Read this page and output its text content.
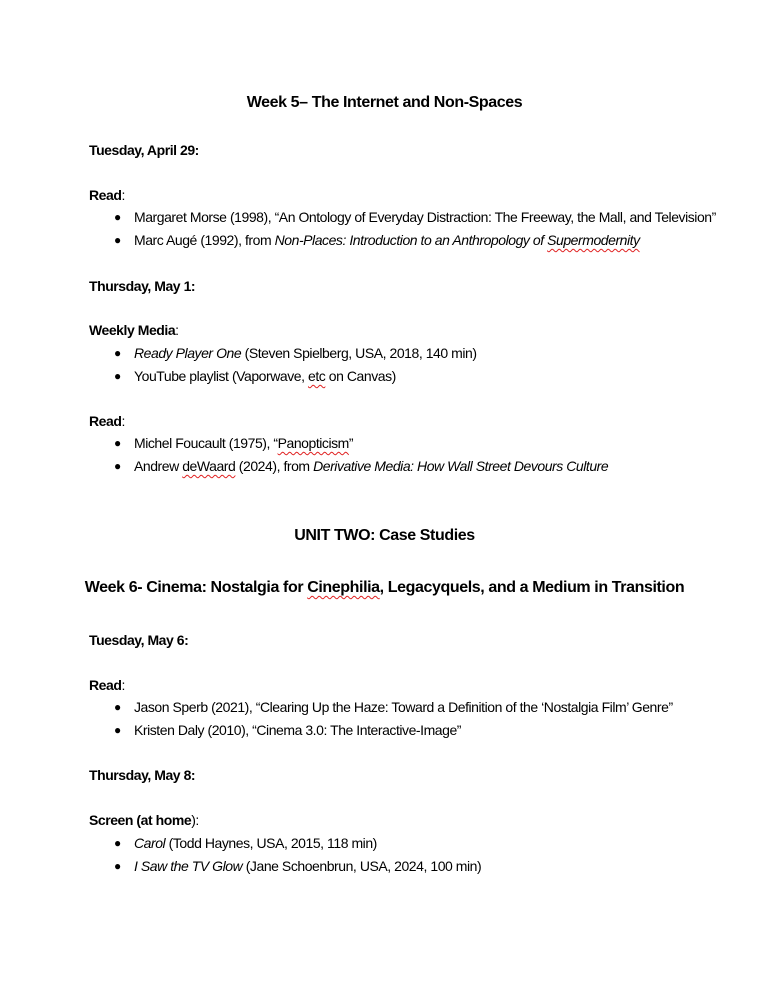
Week 5– The Internet and Non-Spaces
Tuesday, April 29:
Read:
● Margaret Morse (1998), “An Ontology of Everyday Distraction: The Freeway, the Mall, and Television”
● Marc Augé (1992), from Non-Places: Introduction to an Anthropology of Supermodernity
Thursday, May 1:
Weekly Media:
● Ready Player One (Steven Spielberg, USA, 2018, 140 min)
● YouTube playlist (Vaporwave, etc on Canvas)
Read:
● Michel Foucault (1975), “Panopticism”
● Andrew deWaard (2024), from Derivative Media: How Wall Street Devours Culture
UNIT TWO: Case Studies
Week 6- Cinema: Nostalgia for Cinephilia, Legacyquels, and a Medium in Transition
Tuesday, May 6:
Read:
● Jason Sperb (2021), “Clearing Up the Haze: Toward a Definition of the ‘Nostalgia Film’ Genre”
● Kristen Daly (2010), “Cinema 3.0: The Interactive-Image”
Thursday, May 8:
Screen (at home):
● Carol (Todd Haynes, USA, 2015, 118 min)
● I Saw the TV Glow (Jane Schoenbrun, USA, 2024, 100 min)
